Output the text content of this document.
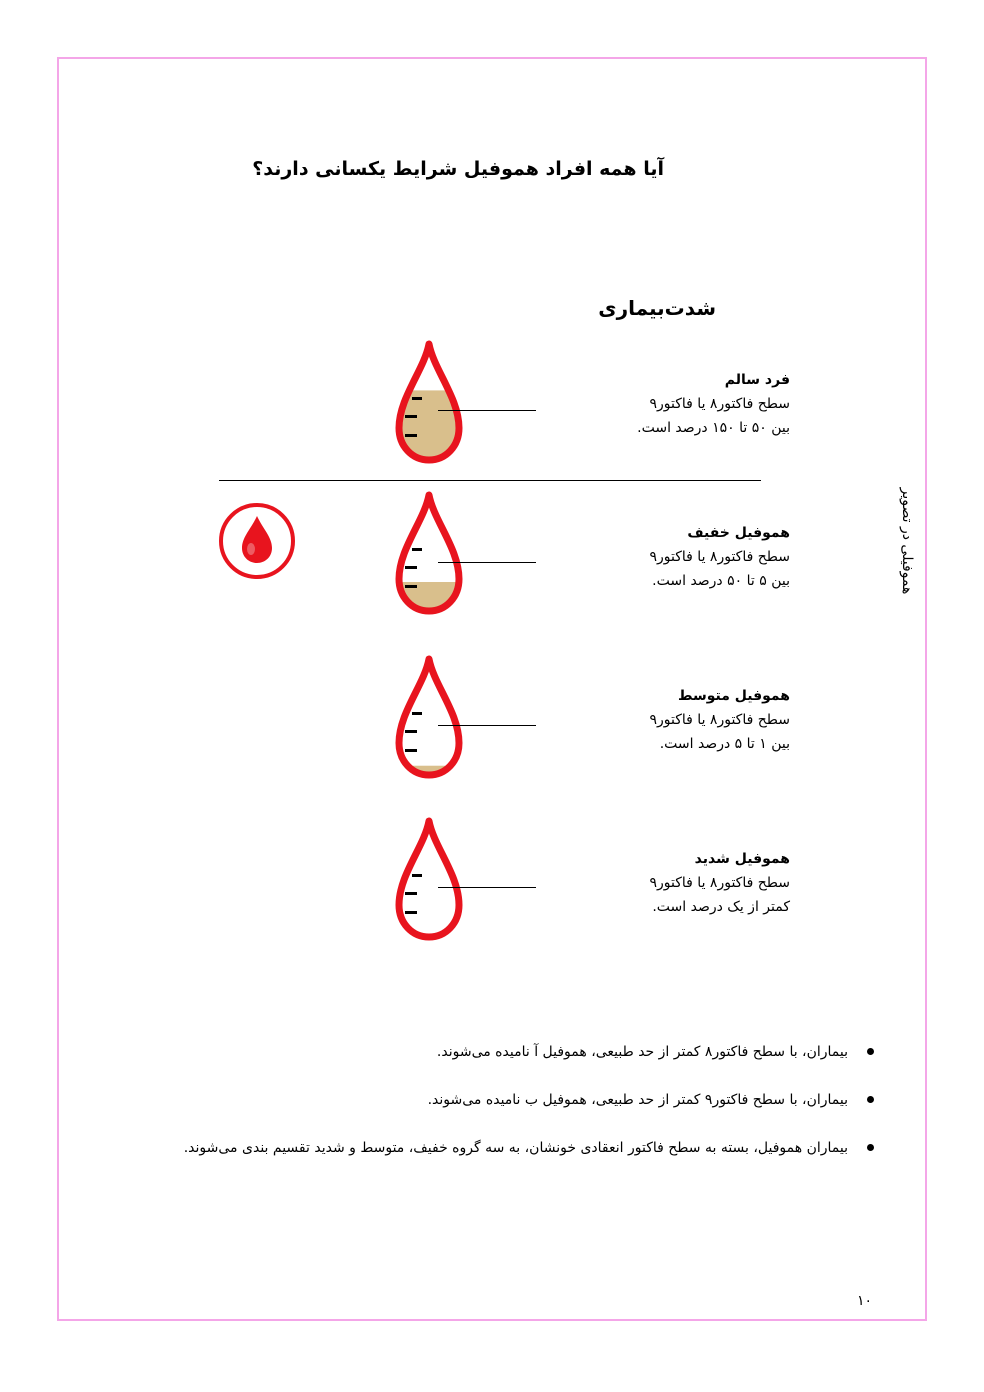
آیا همه افراد هموفیل شرایط یکسانی دارند؟
شدت‌بیماری
هموفیلی در تصویر
فرد سالم
سطح فاکتور۸ یا فاکتور۹
بین ۵۰ تا ۱۵۰ درصد است.
هموفیل خفیف
سطح فاکتور۸ یا فاکتور۹
بین ۵ تا ۵۰ درصد است.
هموفیل متوسط
سطح فاکتور۸ یا فاکتور۹
بین ۱ تا ۵ درصد است.
هموفیل شدید
سطح فاکتور۸ یا فاکتور۹
کمتر از یک درصد است.
بیماران، با سطح فاکتور۸ کمتر از حد طبیعی، هموفیل آ نامیده می‌شوند.
بیماران، با سطح فاکتور۹ کمتر از حد طبیعی، هموفیل ب نامیده می‌شوند.
بیماران هموفیل، بسته به سطح فاکتور انعقادی خونشان، به سه گروه خفیف، متوسط و شدید تقسیم بندی می‌شوند.
۱۰
